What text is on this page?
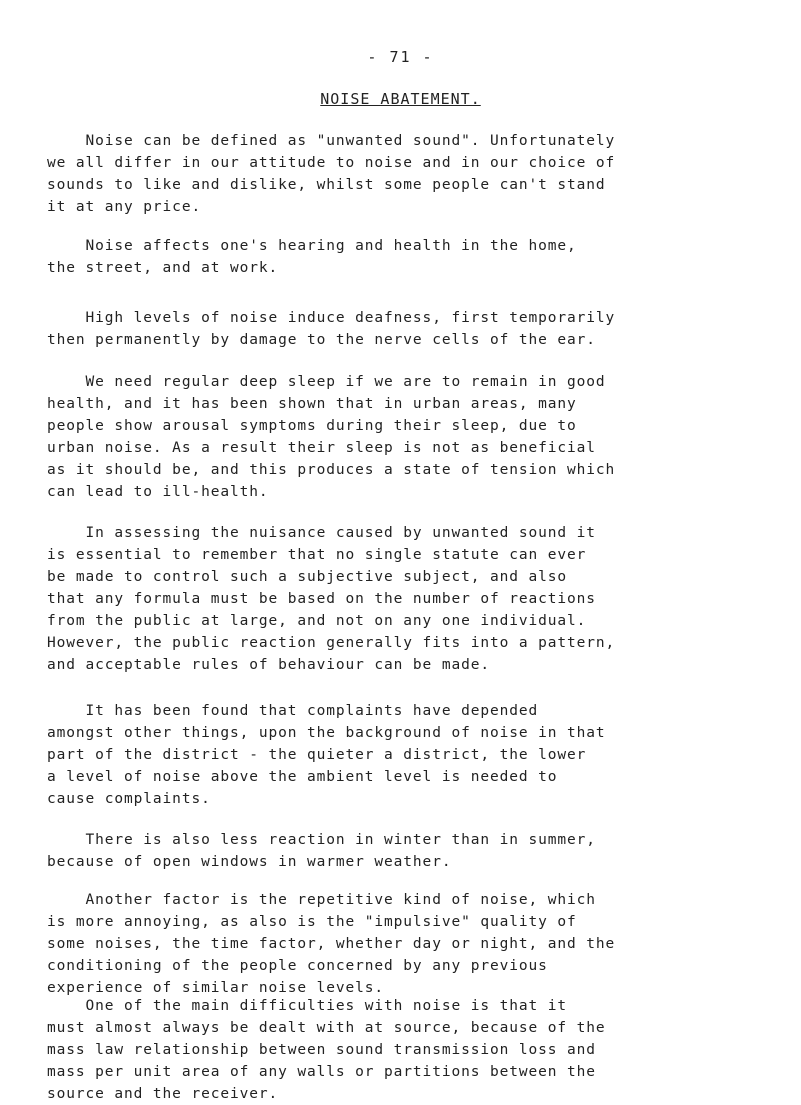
- 71 -
NOISE ABATEMENT.

Noise can be defined as "unwanted sound". Unfortunately
we all differ in our attitude to noise and in our choice of
sounds to like and dislike, whilst some people can't stand
it at any price.

Noise affects one's hearing and health in the home,
the street, and at work.

High levels of noise induce deafness, first temporarily
then permanently by damage to the nerve cells of the ear.

We need regular deep sleep if we are to remain in good
health, and it has been shown that in urban areas, many
people show arousal symptoms during their sleep, due to
urban noise. As a result their sleep is not as beneficial
as it should be, and this produces a state of tension which
can lead to ill-health.

In assessing the nuisance caused by unwanted sound it
is essential to remember that no single statute can ever
be made to control such a subjective subject, and also
that any formula must be based on the number of reactions
from the public at large, and not on any one individual.
However, the public reaction generally fits into a pattern,
and acceptable rules of behaviour can be made.

It has been found that complaints have depended
amongst other things, upon the background of noise in that
part of the district - the quieter a district, the lower
a level of noise above the ambient level is needed to
cause complaints.

There is also less reaction in winter than in summer,
because of open windows in warmer weather.

Another factor is the repetitive kind of noise, which
is more annoying, as also is the "impulsive" quality of
some noises, the time factor, whether day or night, and the
conditioning of the people concerned by any previous
experience of similar noise levels.

One of the main difficulties with noise is that it
must almost always be dealt with at source, because of the
mass law relationship between sound transmission loss and
mass per unit area of any walls or partitions between the
source and the receiver.
